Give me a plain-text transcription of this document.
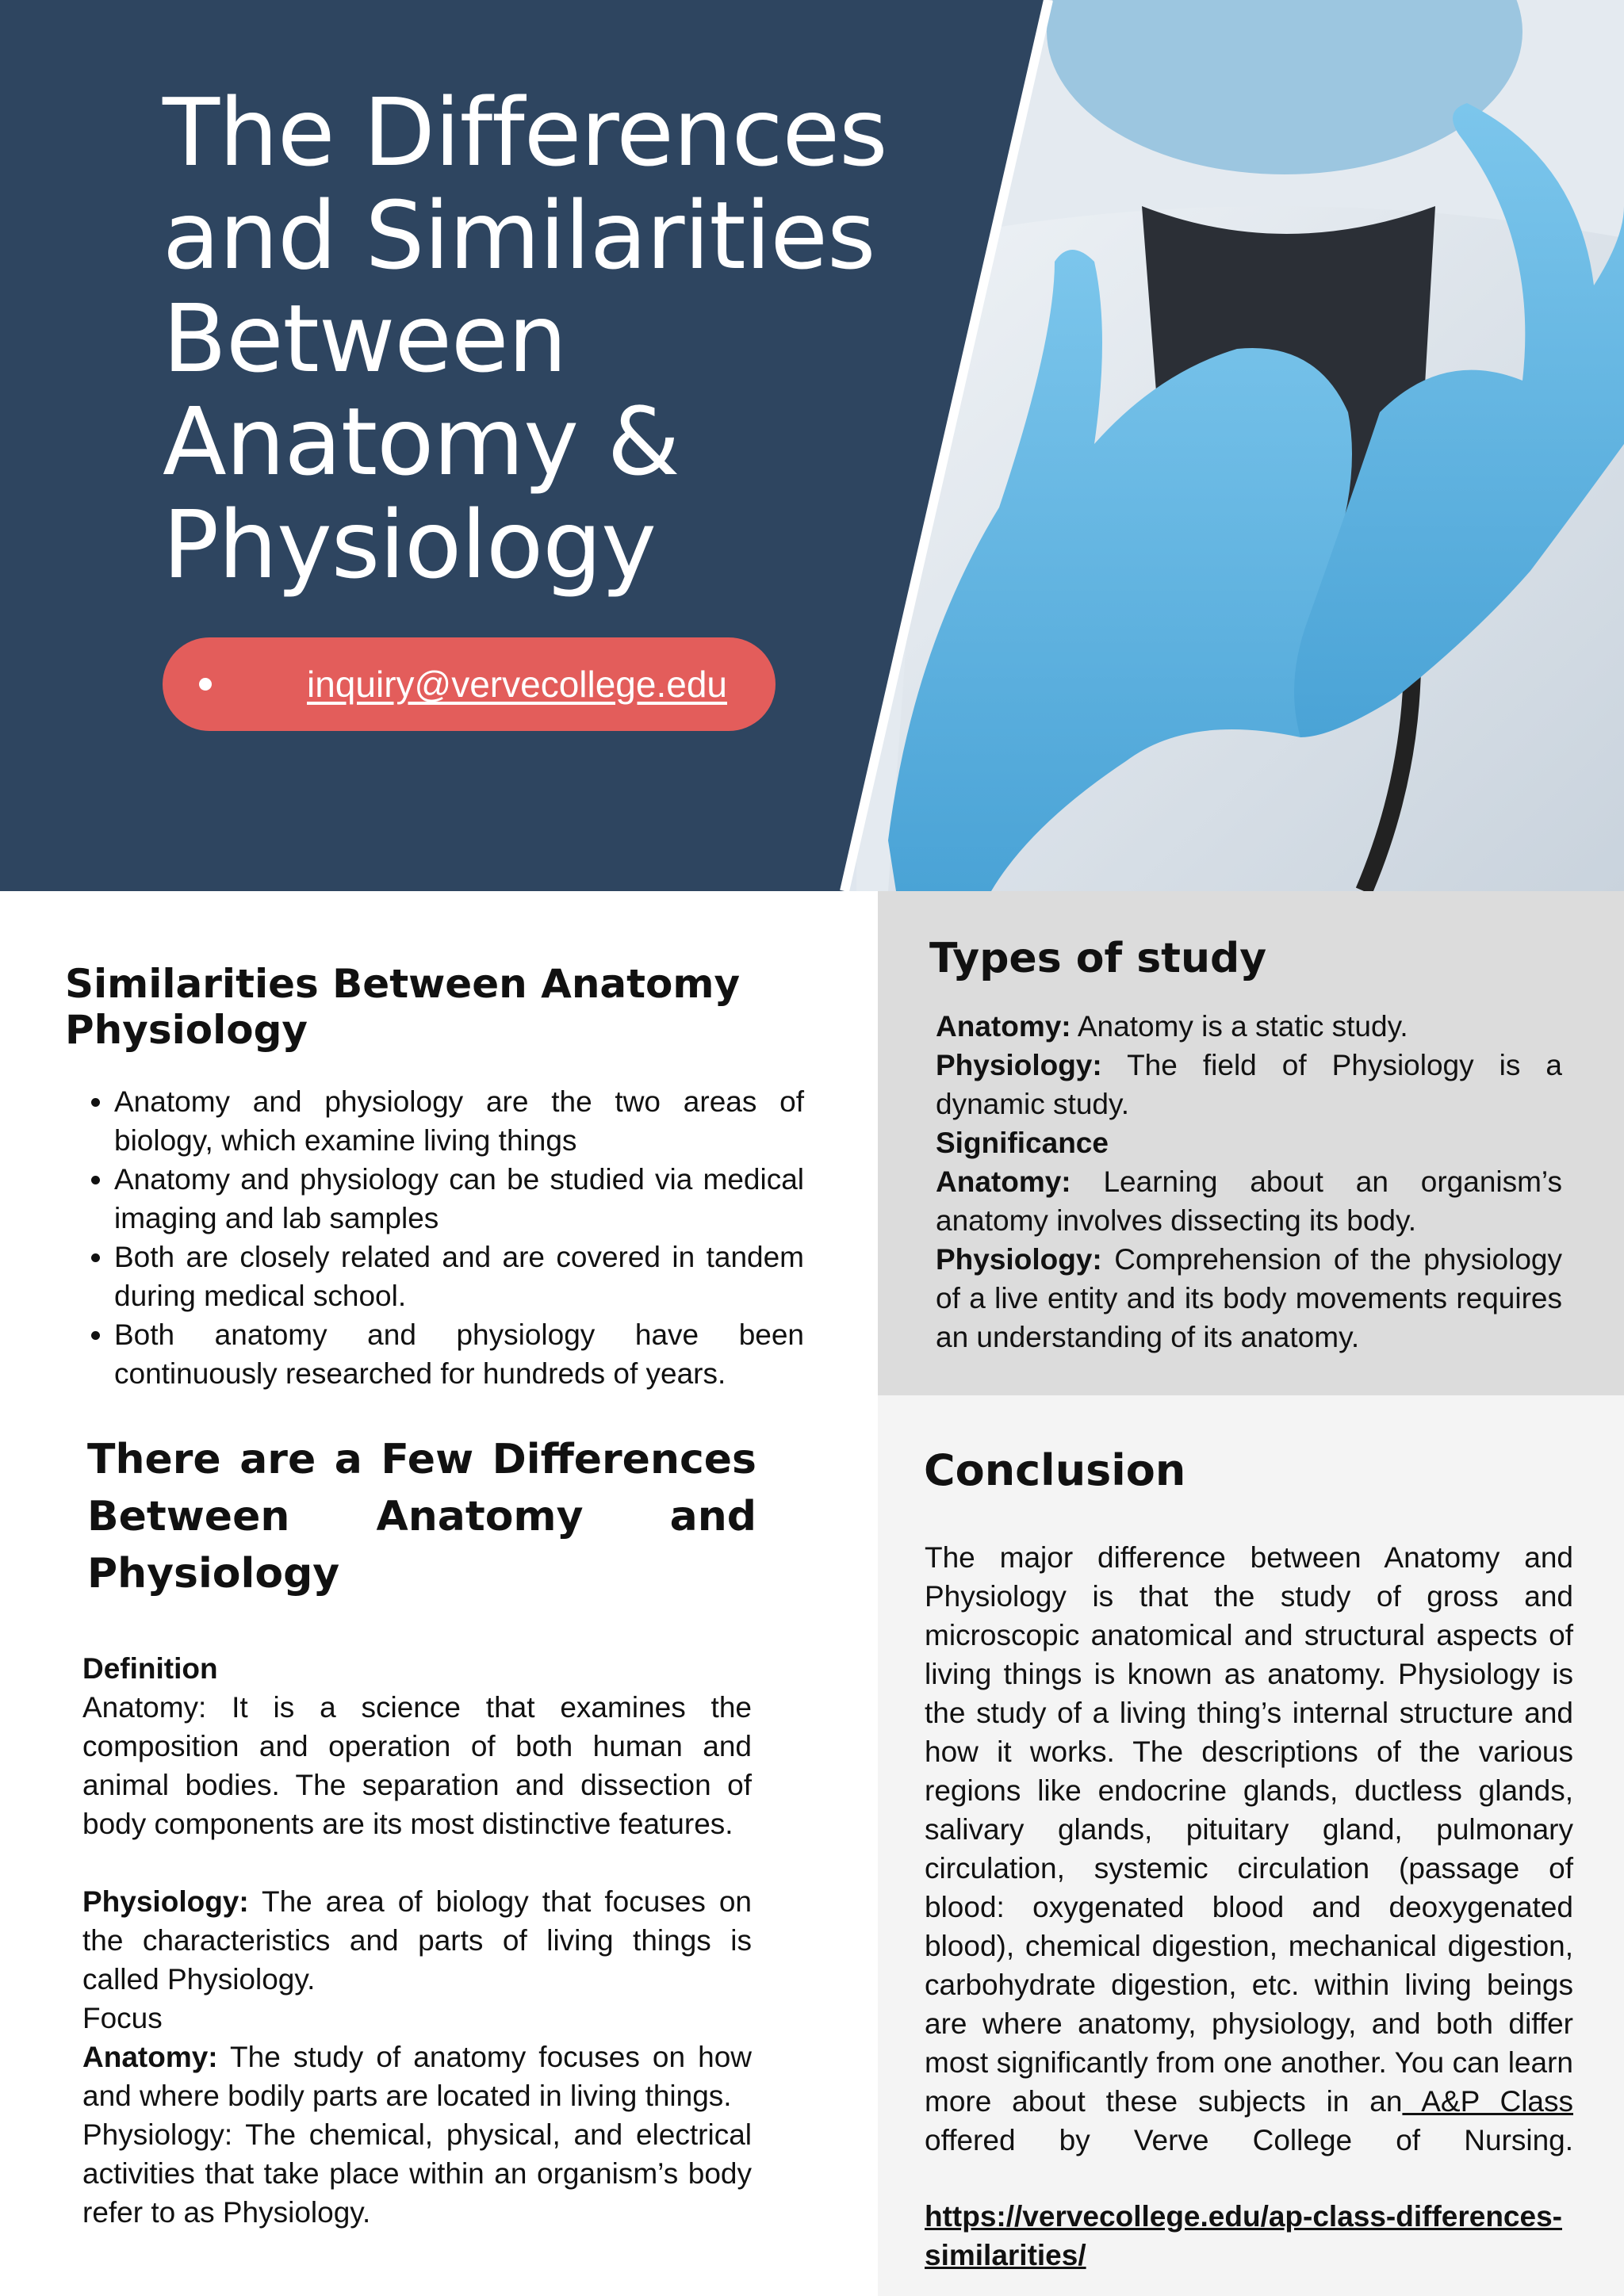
The Differences
and Similarities
Between
Anatomy &
Physiology
inquiry@vervecollege.edu
Similarities Between Anatomy Physiology
• Anatomy and physiology are the two areas of biology, which examine living things
• Anatomy and physiology can be studied via medical imaging and lab samples
• Both are closely related and are covered in tandem during medical school.
• Both anatomy and physiology have been continuously researched for hundreds of years.
There are a Few Differences
Between Anatomy and
Physiology

Definition

Anatomy: It is a science that examines the composition and operation of both human and animal bodies. The separation and dissection of body components are its most distinctive features.

Physiology: The area of biology that focuses on the characteristics and parts of living things is called Physiology.

Focus

Anatomy: The study of anatomy focuses on how and where bodily parts are located in living things.

Physiology: The chemical, physical, and electrical activities that take place within an organism’s body refer to as Physiology.

Types of study

Anatomy: Anatomy is a static study.

Physiology: The field of Physiology is a dynamic study.

Significance

Anatomy: Learning about an organism’s anatomy involves dissecting its body.

Physiology: Comprehension of the physiology of a live entity and its body movements requires an understanding of its anatomy.

Conclusion

The major difference between Anatomy and Physiology is that the study of gross and microscopic anatomical and structural aspects of living things is known as anatomy. Physiology is the study of a living thing’s internal structure and how it works. The descriptions of the various regions like endocrine glands, ductless glands, salivary glands, pituitary gland, pulmonary circulation, systemic circulation (passage of blood: oxygenated blood and deoxygenated blood), chemical digestion, mechanical digestion, carbohydrate digestion, etc. within living beings are where anatomy, physiology, and both differ most significantly from one another. You can learn more about these subjects in an A&P Class offered by Verve College of Nursing.

https://vervecollege.edu/ap-class-differences-similarities/
